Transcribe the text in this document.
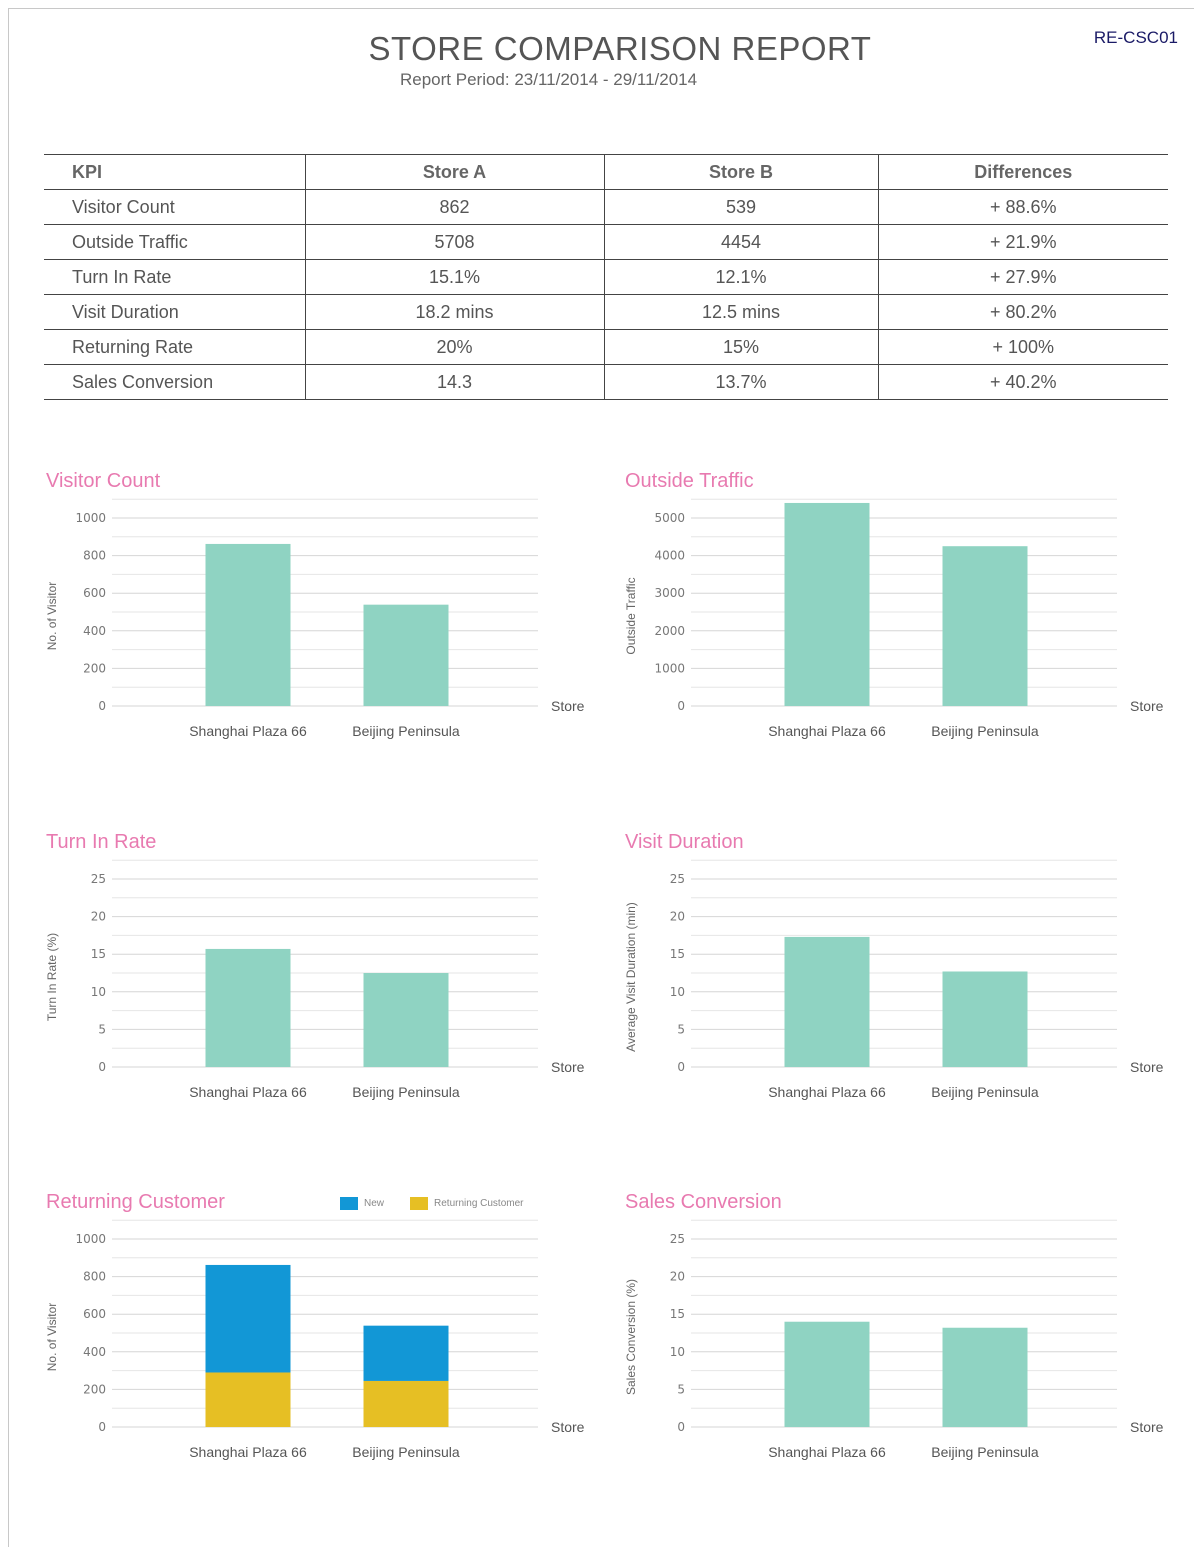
RE-CSC01
STORE COMPARISON REPORT
Report Period: 23/11/2014 - 29/11/2014
KPI	Store A	Store B	Differences
Visitor Count	862	539	+ 88.6%
Outside Traffic	5708	4454	+ 21.9%
Turn In Rate	15.1%	12.1%	+ 27.9%
Visit Duration	18.2 mins	12.5 mins	+ 80.2%
Returning Rate	20%	15%	+ 100%
Sales Conversion	14.3	13.7%	+ 40.2%
Visitor Count
0
200
400
600
800
1000
Shanghai Plaza 66	Beijing Peninsula
Store
No. of Visitor
Outside Traffic
0
1000
2000
3000
4000
5000
Shanghai Plaza 66	Beijing Peninsula
Store
Outside Traffic
Turn In Rate
0
5
10
15
20
25
Shanghai Plaza 66	Beijing Peninsula
Store
Turn In Rate (%)
Visit Duration
0
5
10
15
20
25
Shanghai Plaza 66	Beijing Peninsula
Store
Average Visit Duration (min)
Returning Customer	New	Returning Customer
0
200
400
600
800
1000
Shanghai Plaza 66	Beijing Peninsula
Store
No. of Visitor
Sales Conversion
0
5
10
15
20
25
Shanghai Plaza 66	Beijing Peninsula
Store
Sales Conversion (%)
